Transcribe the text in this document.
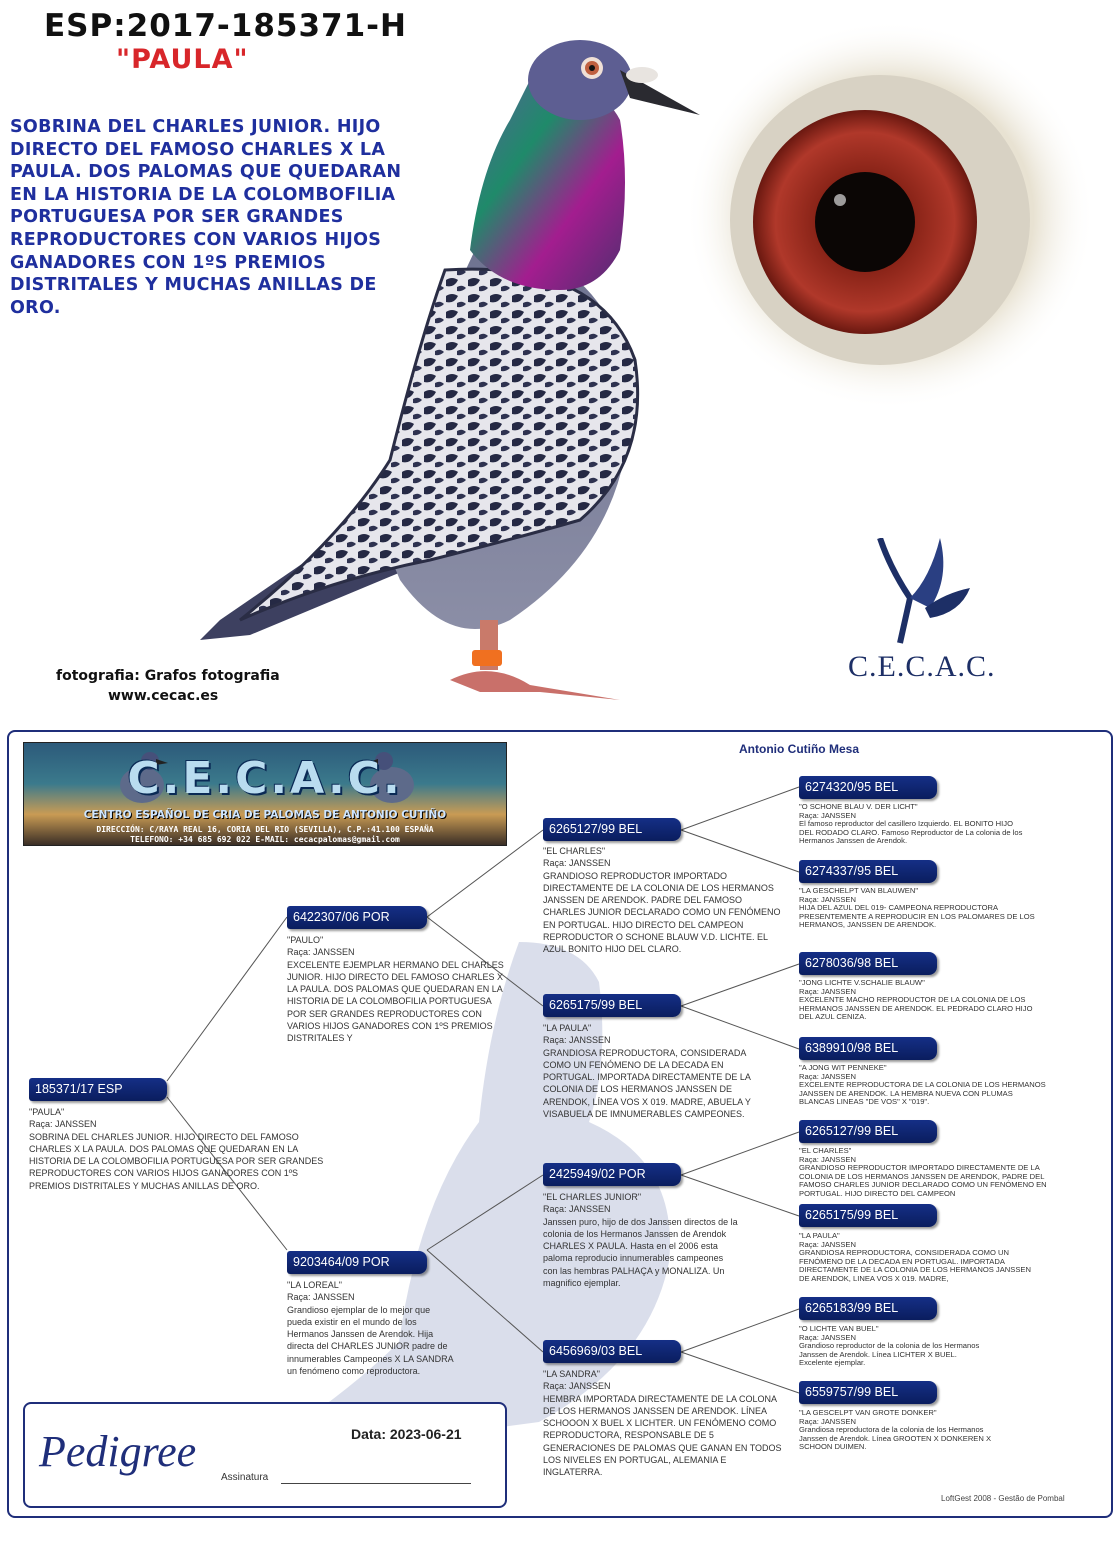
ESP:2017-185371-H
"PAULA"
SOBRINA DEL CHARLES JUNIOR. HIJO DIRECTO DEL FAMOSO CHARLES X LA PAULA. DOS PALOMAS QUE QUEDARAN EN LA HISTORIA DE LA COLOMBOFILIA PORTUGUESA POR SER GRANDES REPRODUCTORES CON VARIOS HIJOS GANADORES CON 1ºS PREMIOS DISTRITALES Y MUCHAS ANILLAS DE ORO.
C.E.C.A.C.
fotografia: Grafos fotografia
www.cecac.es
C.E.C.A.C.
CENTRO ESPAÑOL DE CRIA DE PALOMAS DE ANTONIO CUTIÑO
DIRECCIÓN: C/RAYA REAL 16, CORIA DEL RIO (SEVILLA), C.P.:41.100 ESPAÑA
TELEFONO: +34 685 692 022 E-MAIL: cecacpalomas@gmail.com
Antonio Cutiño Mesa
185371/17 ESP
"PAULA"
Raça: JANSSEN
SOBRINA DEL CHARLES JUNIOR. HIJO DIRECTO DEL FAMOSO CHARLES X LA PAULA. DOS PALOMAS QUE QUEDARAN EN LA HISTORIA DE LA COLOMBOFILIA PORTUGUESA POR SER GRANDES REPRODUCTORES CON VARIOS HIJOS GANADORES CON 1ºS PREMIOS DISTRITALES Y MUCHAS ANILLAS DE ORO.
6422307/06 POR
"PAULO"
Raça: JANSSEN
EXCELENTE EJEMPLAR HERMANO DEL CHARLES JUNIOR. HIJO DIRECTO DEL FAMOSO CHARLES X LA PAULA. DOS PALOMAS QUE QUEDARAN EN LA HISTORIA DE LA COLOMBOFILIA PORTUGUESA POR SER GRANDES REPRODUCTORES CON VARIOS HIJOS GANADORES CON 1ºS PREMIOS DISTRITALES Y
9203464/09 POR
"LA LOREAL"
Raça: JANSSEN
Grandioso ejemplar de lo mejor que pueda existir en el mundo de los Hermanos Janssen de Arendok. Hija directa del CHARLES JUNIOR padre de innumerables Campeones X LA SANDRA un fenómeno como reproductora.
6265127/99 BEL
"EL CHARLES"
Raça: JANSSEN
GRANDIOSO REPRODUCTOR IMPORTADO DIRECTAMENTE DE LA COLONIA DE LOS HERMANOS JANSSEN DE ARENDOK. PADRE DEL FAMOSO CHARLES JUNIOR DECLARADO COMO UN FENÓMENO EN PORTUGAL. HIJO DIRECTO DEL CAMPEON REPRODUCTOR O SCHONE BLAUW V.D. LICHTE. EL AZUL BONITO HIJO DEL CLARO.
6265175/99 BEL
"LA PAULA"
Raça: JANSSEN
GRANDIOSA REPRODUCTORA, CONSIDERADA COMO UN FENÓMENO DE LA DECADA EN PORTUGAL. IMPORTADA DIRECTAMENTE DE LA COLONIA DE LOS HERMANOS JANSSEN DE ARENDOK, LÍNEA VOS X 019. MADRE, ABUELA Y VISABUELA DE IMNUMERABLES CAMPEONES.
2425949/02 POR
"EL CHARLES JUNIOR"
Raça: JANSSEN
Janssen puro, hijo de dos Janssen directos de la colonia de los Hermanos Janssen de Arendok CHARLES X PAULA. Hasta en el 2006 esta paloma reproducio innumerables campeones con las hembras PALHAÇA y MONALIZA. Un magnifico ejemplar.
6456969/03 BEL
"LA SANDRA"
Raça: JANSSEN
HEMBRA IMPORTADA DIRECTAMENTE DE LA COLONA DE LOS HERMANOS JANSSEN DE ARENDOK. LÍNEA SCHOOON X BUEL X LICHTER. UN FENÓMENO COMO REPRODUCTORA, RESPONSABLE DE 5 GENERACIONES DE PALOMAS QUE GANAN EN TODOS LOS NIVELES EN PORTUGAL, ALEMANIA E INGLATERRA.
6274320/95 BEL
"O SCHONE BLAU V. DER LICHT"
Raça: JANSSEN
El famoso reproductor del casillero Izquierdo. EL BONITO HIJO DEL RODADO CLARO. Famoso Reproductor de La colonia de los Hermanos Janssen de Arendok.
6274337/95 BEL
"LA GESCHELPT VAN BLAUWEN"
Raça: JANSSEN
HIJA DEL AZUL DEL 019- CAMPEONA REPRODUCTORA PRESENTEMENTE A REPRODUCIR EN LOS PALOMARES DE LOS HERMANOS, JANSSEN DE ARENDOK.
6278036/98 BEL
"JONG LICHTE V.SCHALIE BLAUW"
Raça: JANSSEN
EXCELENTE MACHO REPRODUCTOR DE LA COLONIA DE LOS HERMANOS JANSSEN DE ARENDOK. EL PEDRADO CLARO HIJO DEL AZUL CENIZA.
6389910/98 BEL
"A JONG WIT PENNEKE"
Raça: JANSSEN
EXCELENTE REPRODUCTORA DE LA COLONIA DE LOS HERMANOS JANSSEN DE ARENDOK. LA HEMBRA NUEVA CON PLUMAS BLANCAS LINEAS "DE VOS" X "019".
6265127/99 BEL
"EL CHARLES"
Raça: JANSSEN
GRANDIOSO REPRODUCTOR IMPORTADO DIRECTAMENTE DE LA COLONIA DE LOS HERMANOS JANSSEN DE ARENDOK, PADRE DEL FAMOSO CHARLES JUNIOR DECLARADO COMO UN FENÓMENO EN PORTUGAL. HIJO DIRECTO DEL CAMPEON
6265175/99 BEL
"LA PAULA"
Raça: JANSSEN
GRANDIOSA REPRODUCTORA, CONSIDERADA COMO UN FENÓMENO DE LA DECADA EN PORTUGAL. IMPORTADA DIRECTAMENTE DE LA COLONIA DE LOS HERMANOS JANSSEN DE ARENDOK, LINEA VOS X 019. MADRE,
6265183/99 BEL
"O LICHTE VAN BUEL"
Raça: JANSSEN
Grandioso reproductor de la colonia de los Hermanos Janssen de Arendok. Línea LICHTER X BUEL. Excelente ejemplar.
6559757/99 BEL
"LA GESCELPT VAN GROTE DONKER"
Raça: JANSSEN
Grandiosa reproductora de la colonia de los Hermanos Janssen de Arendok. Línea GROOTEN X DONKEREN X SCHOON DUIMEN.
Pedigree	Data: 2023-06-21
Assinatura
LoftGest 2008 - Gestão de Pombal
